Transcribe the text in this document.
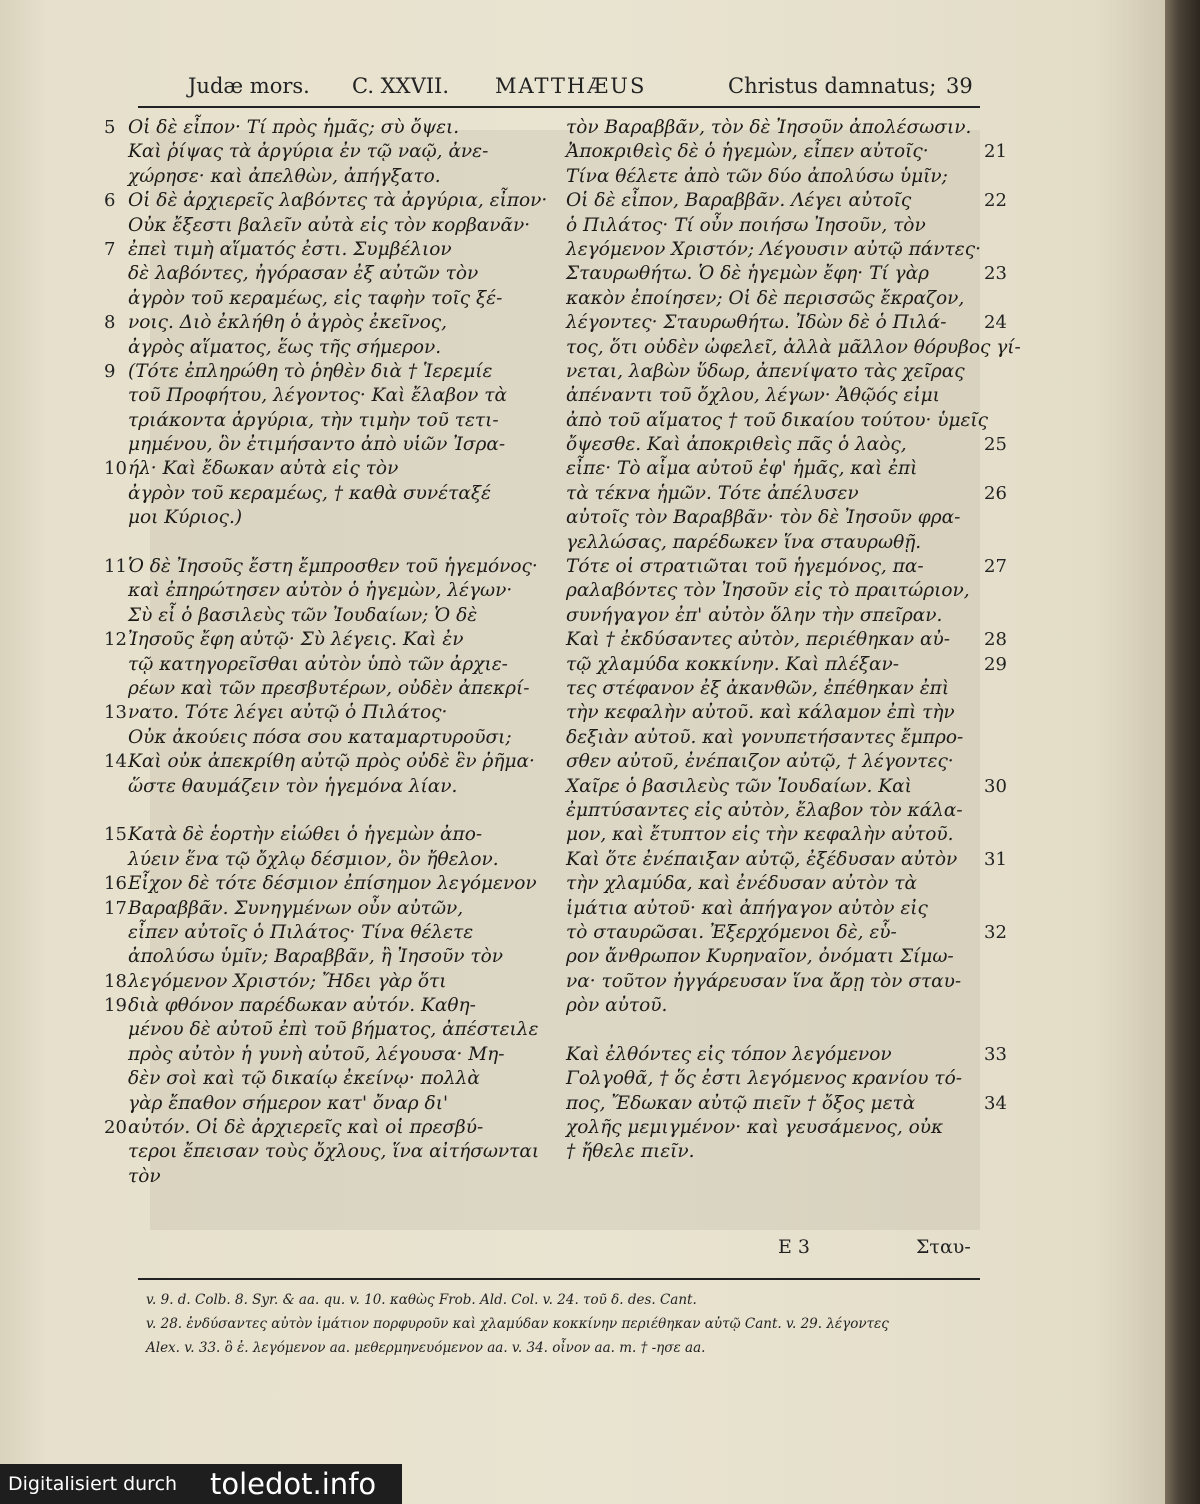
Judæ mors. C. XXVII. MATTHÆUS	Christus damnatus; 39
5 Οἱ δὲ εἶπον· Τί πρὸς ἡμᾶς; σὺ ὄψει.
Καὶ ῥίψας τὰ ἀργύρια ἐν τῷ ναῷ, ἀνε-
χώρησε· καὶ ἀπελθὼν, ἀπήγξατο.
6 Οἱ δὲ ἀρχιερεῖς λαβόντες τὰ ἀργύρια, εἶπον·
Οὐκ ἔξεστι βαλεῖν αὐτὰ εἰς τὸν κορβανᾶν·
7 ἐπεὶ τιμὴ αἵματός ἐστι. Συμβέλιον
δὲ λαβόντες, ἠγόρασαν ἐξ αὐτῶν τὸν
ἀγρὸν τοῦ κεραμέως, εἰς ταφὴν τοῖς ξέ-
8 νοις. Διὸ ἐκλήθη ὁ ἀγρὸς ἐκεῖνος,
ἀγρὸς αἵματος, ἕως τῆς σήμερον.
9 (Τότε ἐπληρώθη τὸ ῥηθὲν διὰ † Ἱερεμίε
τοῦ Προφήτου, λέγοντος· Καὶ ἔλαβον τὰ
τριάκοντα ἀργύρια, τὴν τιμὴν τοῦ τετι-
μημένου, ὃν ἐτιμήσαντο ἀπὸ υἱῶν Ἰσρα-
10 ήλ· Καὶ ἔδωκαν αὐτὰ εἰς τὸν
ἀγρὸν τοῦ κεραμέως, † καθὰ συνέταξέ
μοι Κύριος.)
11 Ὁ δὲ Ἰησοῦς ἔστη ἔμπροσθεν τοῦ ἡγεμόνος·
καὶ ἐπηρώτησεν αὐτὸν ὁ ἡγεμὼν, λέγων·
Σὺ εἶ ὁ βασιλεὺς τῶν Ἰουδαίων; Ὁ δὲ
12 Ἰησοῦς ἔφη αὐτῷ· Σὺ λέγεις. Καὶ ἐν
τῷ κατηγορεῖσθαι αὐτὸν ὑπὸ τῶν ἀρχιε-
ρέων καὶ τῶν πρεσβυτέρων, οὐδὲν ἀπεκρί-
13 νατο. Τότε λέγει αὐτῷ ὁ Πιλάτος·
Οὐκ ἀκούεις πόσα σου καταμαρτυροῦσι;
14 Καὶ οὐκ ἀπεκρίθη αὐτῷ πρὸς οὐδὲ ἓν ῥῆμα·
ὥστε θαυμάζειν τὸν ἡγεμόνα λίαν.
15 Κατὰ δὲ ἑορτὴν εἰώθει ὁ ἡγεμὼν ἀπο-
λύειν ἕνα τῷ ὄχλῳ δέσμιον, ὃν ἤθελον.
16 Εἶχον δὲ τότε δέσμιον ἐπίσημον λεγόμενον
17 Βαραββᾶν. Συνηγμένων οὖν αὐτῶν,
εἶπεν αὐτοῖς ὁ Πιλάτος· Τίνα θέλετε
ἀπολύσω ὑμῖν; Βαραββᾶν, ἢ Ἰησοῦν τὸν
18 λεγόμενον Χριστόν; Ἤδει γὰρ ὅτι
19 διὰ φθόνον παρέδωκαν αὐτόν. Καθη-
μένου δὲ αὐτοῦ ἐπὶ τοῦ βήματος, ἀπέστειλε
πρὸς αὐτὸν ἡ γυνὴ αὐτοῦ, λέγουσα· Μη-
δὲν σοὶ καὶ τῷ δικαίῳ ἐκείνῳ· πολλὰ
γὰρ ἔπαθον σήμερον κατ' ὄναρ δι'
20 αὐτόν. Οἱ δὲ ἀρχιερεῖς καὶ οἱ πρεσβύ-
τεροι ἔπεισαν τοὺς ὄχλους, ἵνα αἰτήσωνται
τὸν
τὸν Βαραββᾶν, τὸν δὲ Ἰησοῦν ἀπολέσωσιν.
21
Ἀποκριθεὶς δὲ ὁ ἡγεμὼν, εἶπεν αὐτοῖς·
Τίνα θέλετε ἀπὸ τῶν δύο ἀπολύσω ὑμῖν;
22
Οἱ δὲ εἶπον, Βαραββᾶν. Λέγει αὐτοῖς
ὁ Πιλάτος· Τί οὖν ποιήσω Ἰησοῦν, τὸν
λεγόμενον Χριστόν; Λέγουσιν αὐτῷ πάντες·
23
Σταυρωθήτω. Ὁ δὲ ἡγεμὼν ἔφη· Τί γὰρ
κακὸν ἐποίησεν; Οἱ δὲ περισσῶς ἔκραζον,
24
λέγοντες· Σταυρωθήτω. Ἰδὼν δὲ ὁ Πιλά-
τος, ὅτι οὐδὲν ὠφελεῖ, ἀλλὰ μᾶλλον θόρυβος γί-
νεται, λαβὼν ὕδωρ, ἀπενίψατο τὰς χεῖρας
ἀπέναντι τοῦ ὄχλου, λέγων· Ἀθῷός εἰμι
ἀπὸ τοῦ αἵματος † τοῦ δικαίου τούτου· ὑμεῖς
25
ὄψεσθε. Καὶ ἀποκριθεὶς πᾶς ὁ λαὸς,
εἶπε· Τὸ αἷμα αὐτοῦ ἐφ' ἡμᾶς, καὶ ἐπὶ
26
τὰ τέκνα ἡμῶν. Τότε ἀπέλυσεν
αὐτοῖς τὸν Βαραββᾶν· τὸν δὲ Ἰησοῦν φρα-
γελλώσας, παρέδωκεν ἵνα σταυρωθῇ.
27
Τότε οἱ στρατιῶται τοῦ ἡγεμόνος, πα-
ραλαβόντες τὸν Ἰησοῦν εἰς τὸ πραιτώριον,
συνήγαγον ἐπ' αὐτὸν ὅλην τὴν σπεῖραν.
28
Καὶ † ἐκδύσαντες αὐτὸν, περιέθηκαν αὐ-
29
τῷ χλαμύδα κοκκίνην. Καὶ πλέξαν-
τες στέφανον ἐξ ἀκανθῶν, ἐπέθηκαν ἐπὶ
τὴν κεφαλὴν αὐτοῦ. καὶ κάλαμον ἐπὶ τὴν
δεξιὰν αὐτοῦ. καὶ γονυπετήσαντες ἔμπρο-
σθεν αὐτοῦ, ἐνέπαιζον αὐτῷ, † λέγοντες·
30
Χαῖρε ὁ βασιλεὺς τῶν Ἰουδαίων. Καὶ
ἐμπτύσαντες εἰς αὐτὸν, ἔλαβον τὸν κάλα-
μον, καὶ ἔτυπτον εἰς τὴν κεφαλὴν αὐτοῦ.
31
Καὶ ὅτε ἐνέπαιξαν αὐτῷ, ἐξέδυσαν αὐτὸν
τὴν χλαμύδα, καὶ ἐνέδυσαν αὐτὸν τὰ
ἱμάτια αὐτοῦ· καὶ ἀπήγαγον αὐτὸν εἰς
32
τὸ σταυρῶσαι. Ἐξερχόμενοι δὲ, εὗ-
ρον ἄνθρωπον Κυρηναῖον, ὀνόματι Σίμω-
να· τοῦτον ἠγγάρευσαν ἵνα ἄρῃ τὸν σταυ-
ρὸν αὐτοῦ.
33
Καὶ ἐλθόντες εἰς τόπον λεγόμενον
Γολγοθᾶ, † ὅς ἐστι λεγόμενος κρανίου τό-
34
πος, Ἔδωκαν αὐτῷ πιεῖν † ὄξος μετὰ
χολῆς μεμιγμένον· καὶ γευσάμενος, οὐκ
† ἤθελε πιεῖν.
E 3	Σταυ-
v. 9. d. Colb. 8. Syr. & aa. qu. v. 10. καθὼς Frob. Ald. Col. v. 24. τοῦ δ. des. Cant.
v. 28. ἐνδύσαντες αὐτὸν ἱμάτιον πορφυροῦν καὶ χλαμύδαν κοκκίνην περιέθηκαν αὐτῷ Cant. v. 29. λέγοντες
Alex. v. 33. ὃ ἐ. λεγόμενον aa. μεθερμηνευόμενον aa. v. 34. οἶνον aa. m. † -ησε aa.
Digitalisiert durch toledot.info
